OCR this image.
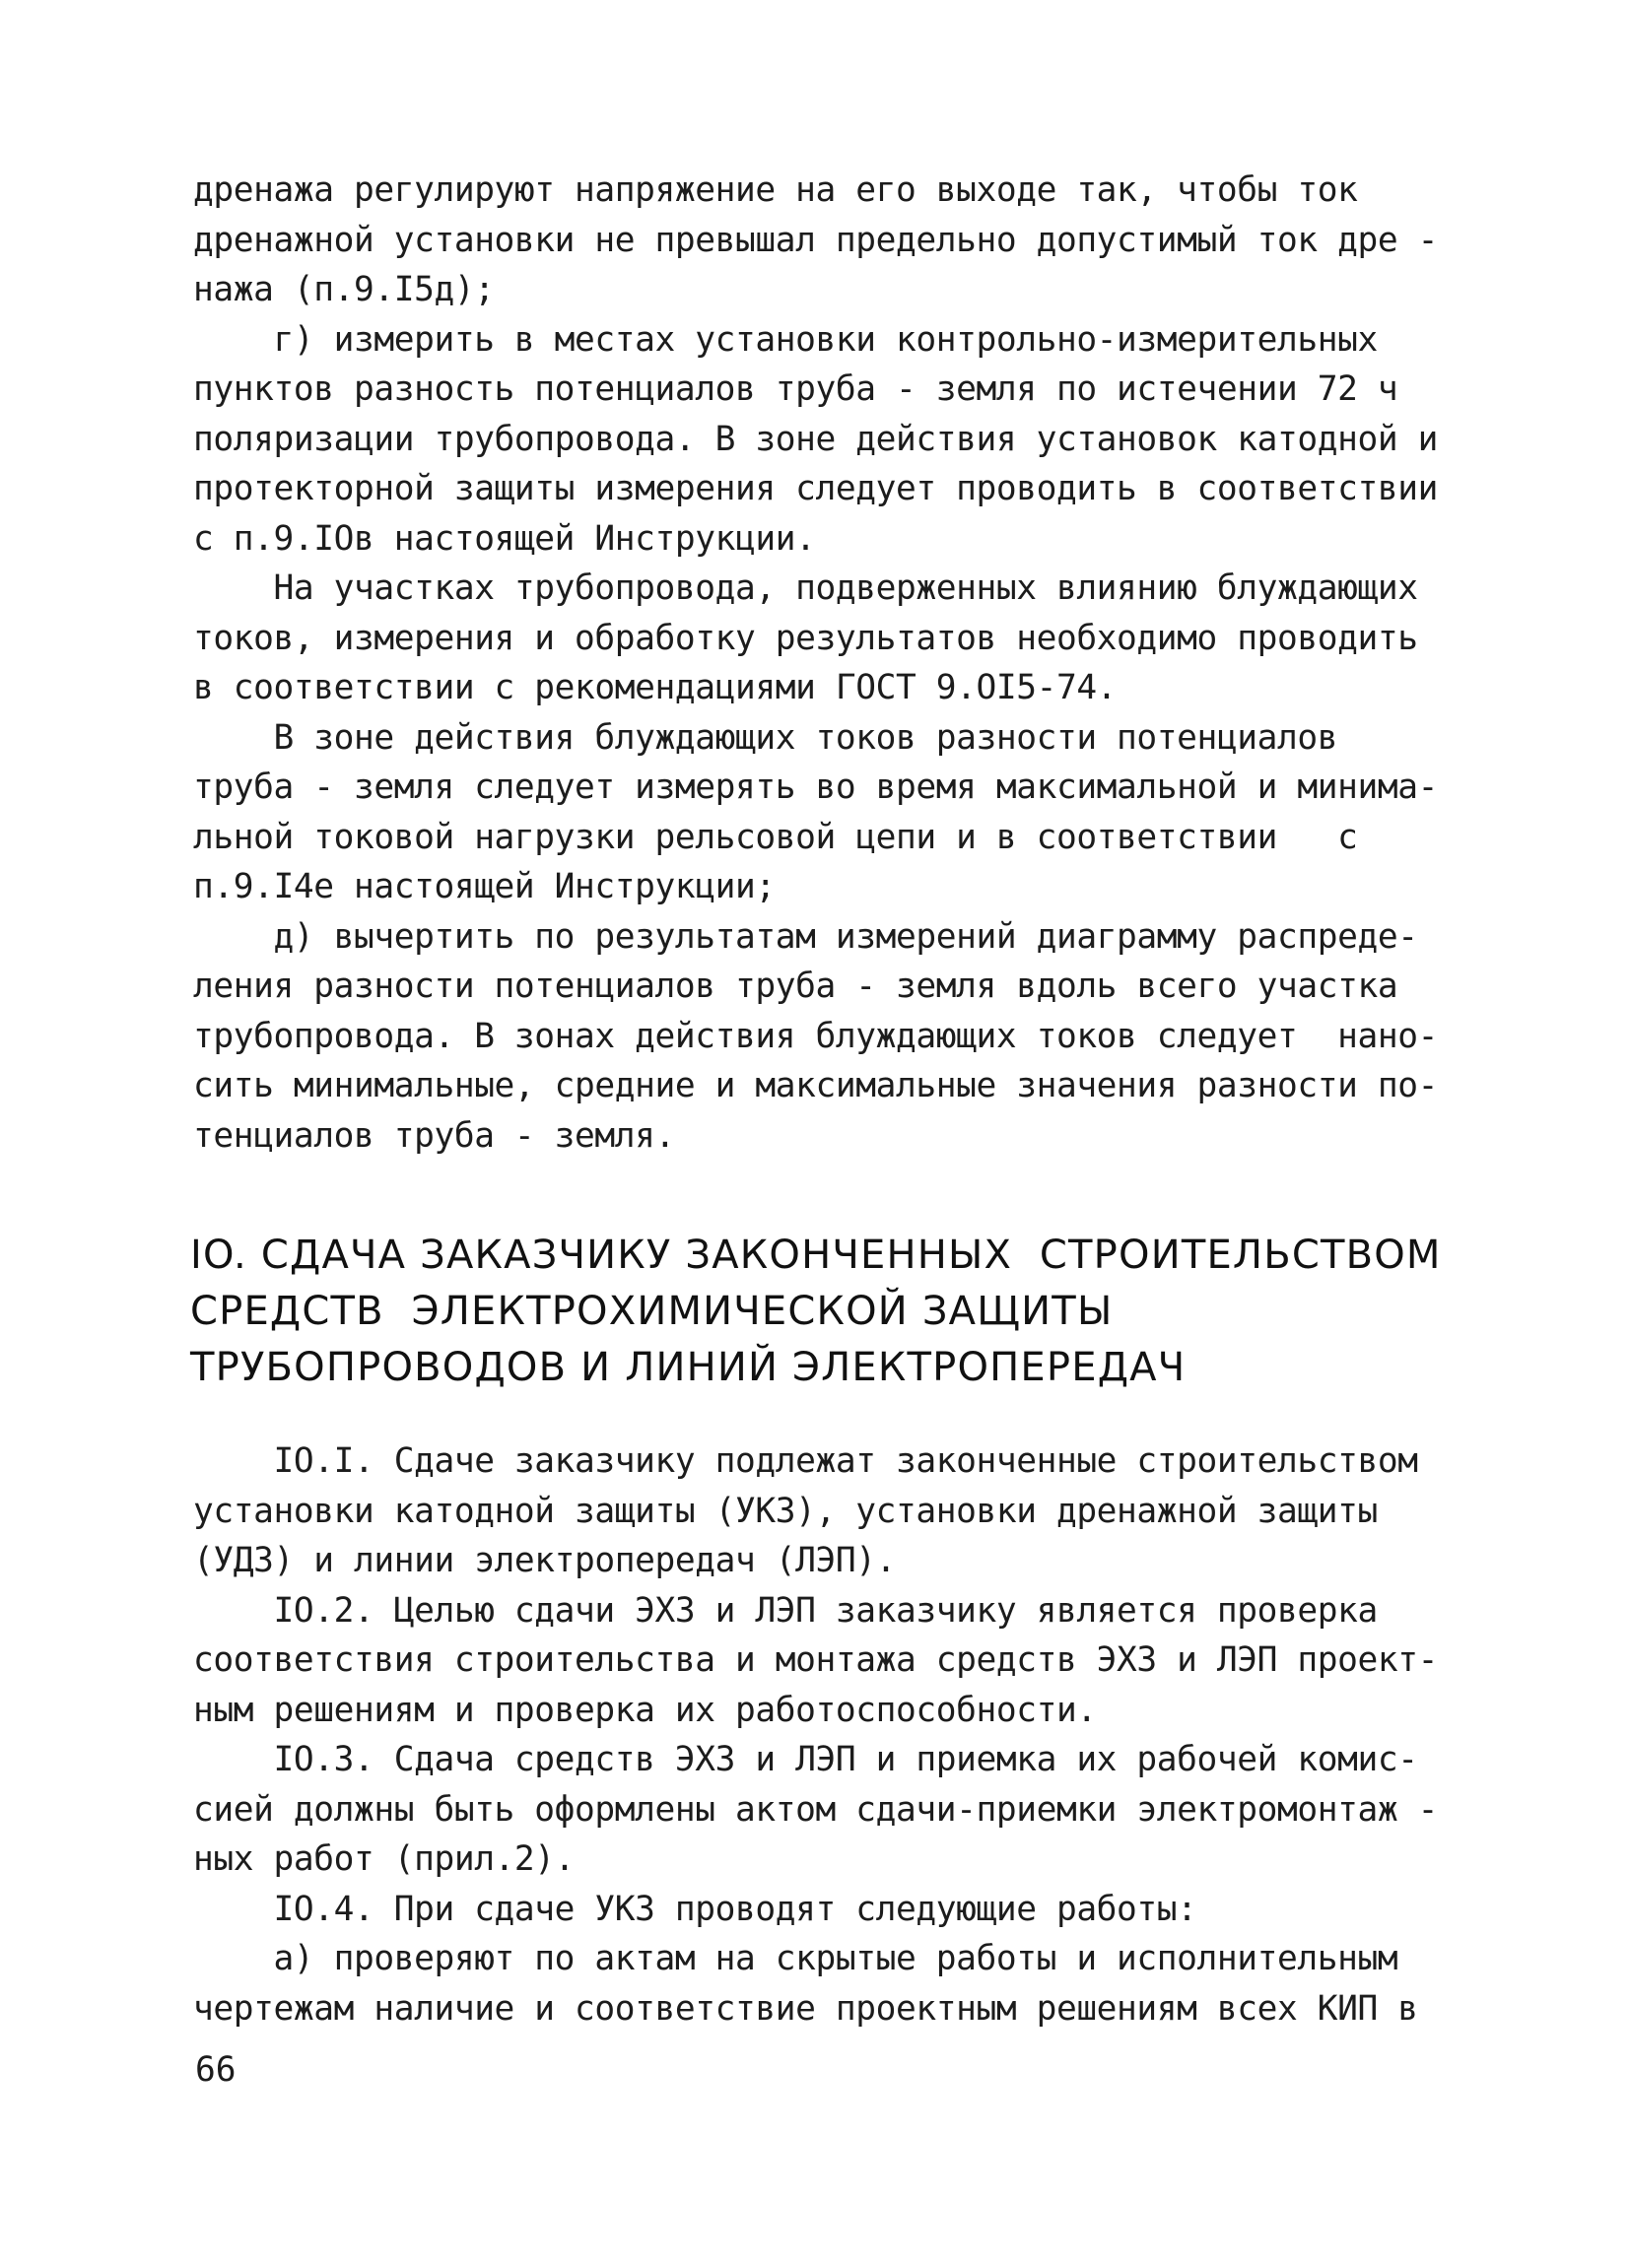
дренажа регулируют напряжение на его выходе так, чтобы ток
дренажной установки не превышал предельно допустимый ток дре -
нажа (п.9.I5д);
г) измерить в местах установки контрольно-измерительных
пунктов разность потенциалов труба - земля по истечении 72 ч
поляризации трубопровода. В зоне действия установок катодной и
протекторной защиты измерения следует проводить в соответствии
с п.9.IOв настоящей Инструкции.
На участках трубопровода, подверженных влиянию блуждающих
токов, измерения и обработку результатов необходимо проводить
в соответствии с рекомендациями ГОСТ 9.OI5-74.
В зоне действия блуждающих токов разности потенциалов
труба - земля следует измерять во время максимальной и минима-
льной токовой нагрузки рельсовой цепи и в соответствии   с
п.9.I4е настоящей Инструкции;
д) вычертить по результатам измерений диаграмму распреде-
ления разности потенциалов труба - земля вдоль всего участка
трубопровода. В зонах действия блуждающих токов следует  нано-
сить минимальные, средние и максимальные значения разности по-
тенциалов труба - земля.
IO. СДАЧА ЗАКАЗЧИКУ ЗАКОНЧЕННЫХ  СТРОИТЕЛЬСТВОМ
СРЕДСТВ  ЭЛЕКТРОХИМИЧЕСКОЙ ЗАЩИТЫ
ТРУБОПРОВОДОВ И ЛИНИЙ ЭЛЕКТРОПЕРЕДАЧ
IO.I. Сдаче заказчику подлежат законченные строительством
установки катодной защиты (УКЗ), установки дренажной защиты
(УДЗ) и линии электропередач (ЛЭП).
IO.2. Целью сдачи ЭХЗ и ЛЭП заказчику является проверка
соответствия строительства и монтажа средств ЭХЗ и ЛЭП проект-
ным решениям и проверка их работоспособности.
IO.3. Сдача средств ЭХЗ и ЛЭП и приемка их рабочей комис-
сией должны быть оформлены актом сдачи-приемки электромонтаж -
ных работ (прил.2).
IO.4. При сдаче УКЗ проводят следующие работы:
а) проверяют по актам на скрытые работы и исполнительным
чертежам наличие и соответствие проектным решениям всех КИП в
66
